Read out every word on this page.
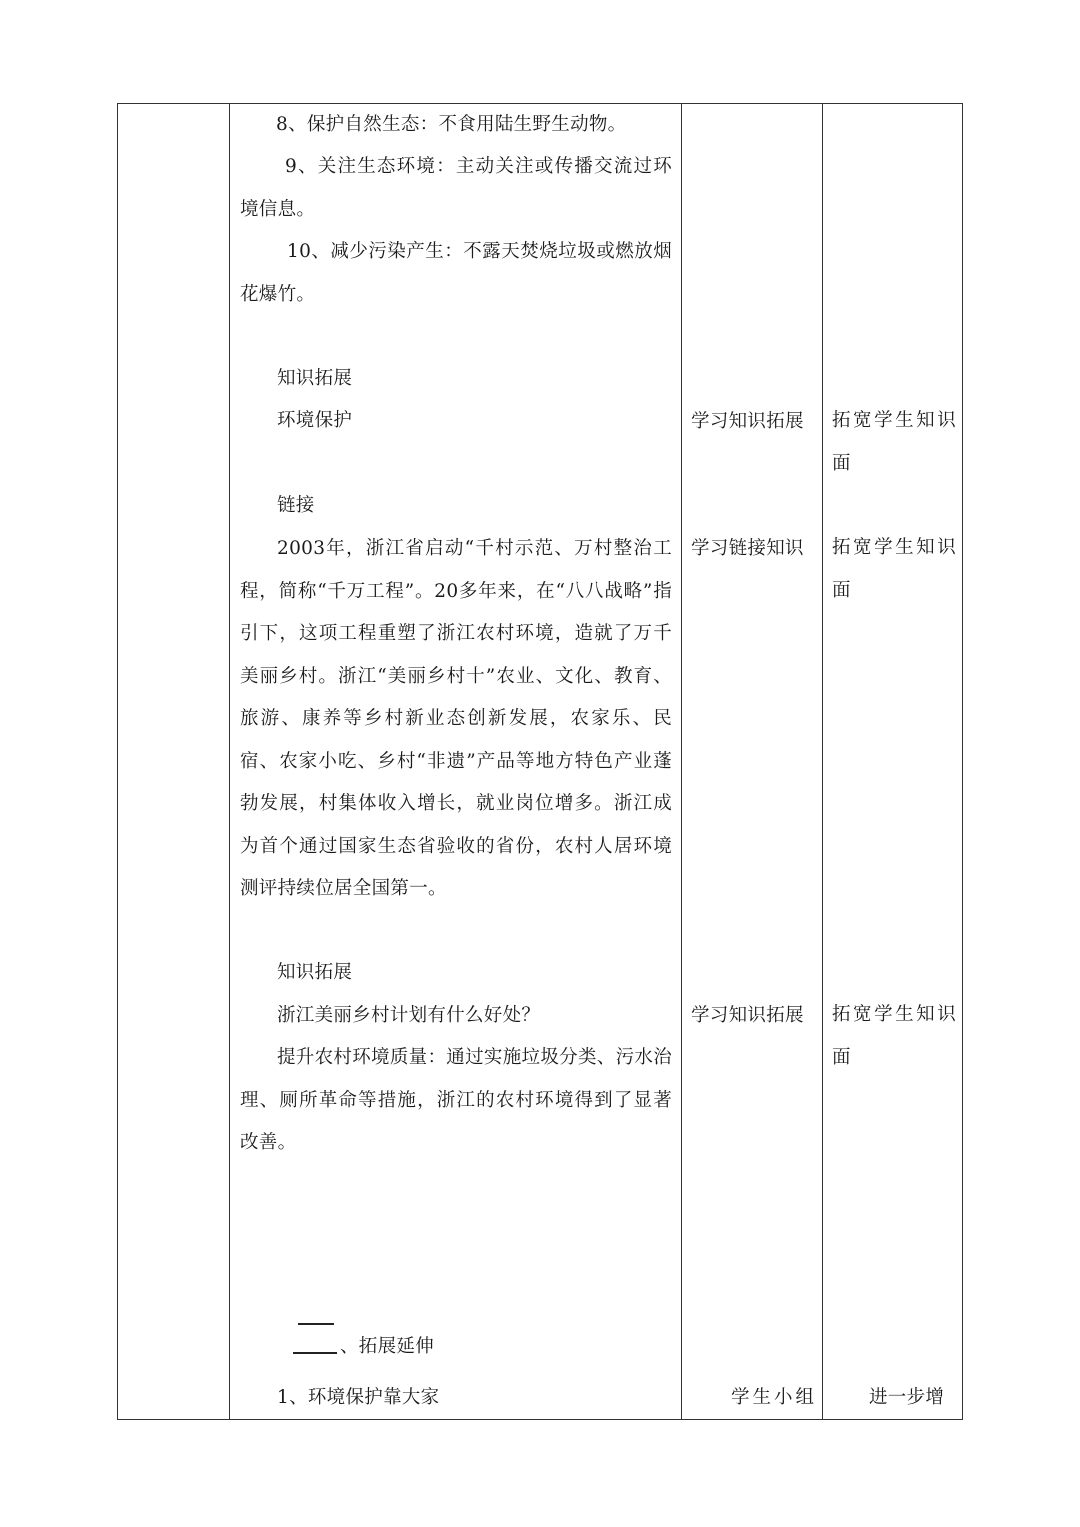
8、保护自然生态：不食用陆生野生动物。
9、关注生态环境：主动关注或传播交流过环境信息。
10、减少污染产生：不露天焚烧垃圾或燃放烟花爆竹。
知识拓展
环境保护
链接
2003年，浙江省启动“千村示范、万村整治工程，简称“千万工程”。20多年来，在“八八战略”指引下，这项工程重塑了浙江农村环境，造就了万千美丽乡村。浙江“美丽乡村十”农业、文化、教育、旅游、康养等乡村新业态创新发展，农家乐、民宿、农家小吃、乡村“非遗”产品等地方特色产业蓬勃发展，村集体收入增长，就业岗位增多。浙江成为首个通过国家生态省验收的省份，农村人居环境测评持续位居全国第一。
知识拓展
浙江美丽乡村计划有什么好处？
提升农村环境质量：通过实施垃圾分类、污水治理、厕所革命等措施，浙江的农村环境得到了显著改善。
、拓展延伸
1、环境保护靠大家
学习知识拓展
学习链接知识
学习知识拓展
学生小组
拓宽学生知识面
拓宽学生知识面
拓宽学生知识面
进一步增
